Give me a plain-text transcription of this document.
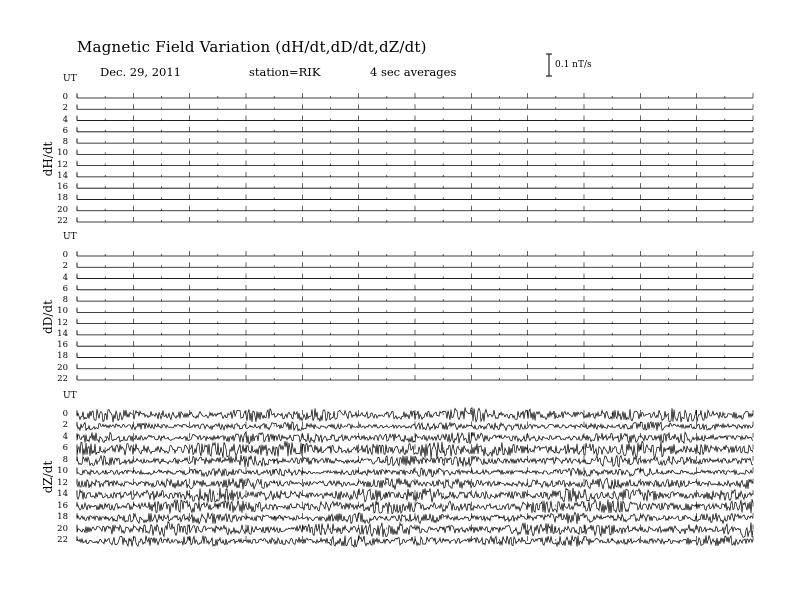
Magnetic Field Variation (dH/dt,dD/dt,dZ/dt)
Dec. 29, 2011	station=RIK	4 sec averages	0.1 nT/s
UT
dH/dt
0
2
4
6
8
10
12
14
16
18
20
22
UT
dD/dt
0
2
4
6
8
10
12
14
16
18
20
22
UT
dZ/dt
0
2
4
6
8
10
12
14
16
18
20
22
